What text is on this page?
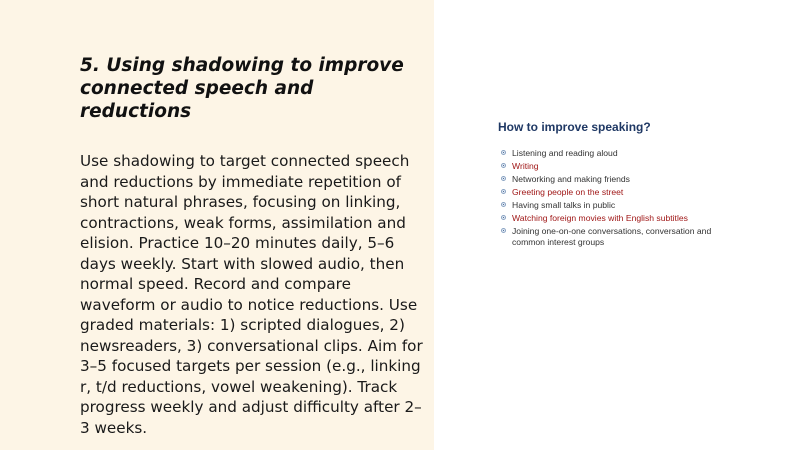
5. Using shadowing to improve connected speech and reductions

Use shadowing to target connected speech and reductions by immediate repetition of short natural phrases, focusing on linking, contractions, weak forms, assimilation and elision. Practice 10–20 minutes daily, 5–6 days weekly. Start with slowed audio, then normal speed. Record and compare waveform or audio to notice reductions. Use graded materials: 1) scripted dialogues, 2) newsreaders, 3) conversational clips. Aim for 3–5 focused targets per session (e.g., linking r, t/d reductions, vowel weakening). Track progress weekly and adjust difficulty after 2–3 weeks.

How to improve speaking?
Listening and reading aloud
Writing
Networking and making friends
Greeting people on the street
Having small talks in public
Watching foreign movies with English subtitles
Joining one-on-one conversations, conversation and common interest groups
